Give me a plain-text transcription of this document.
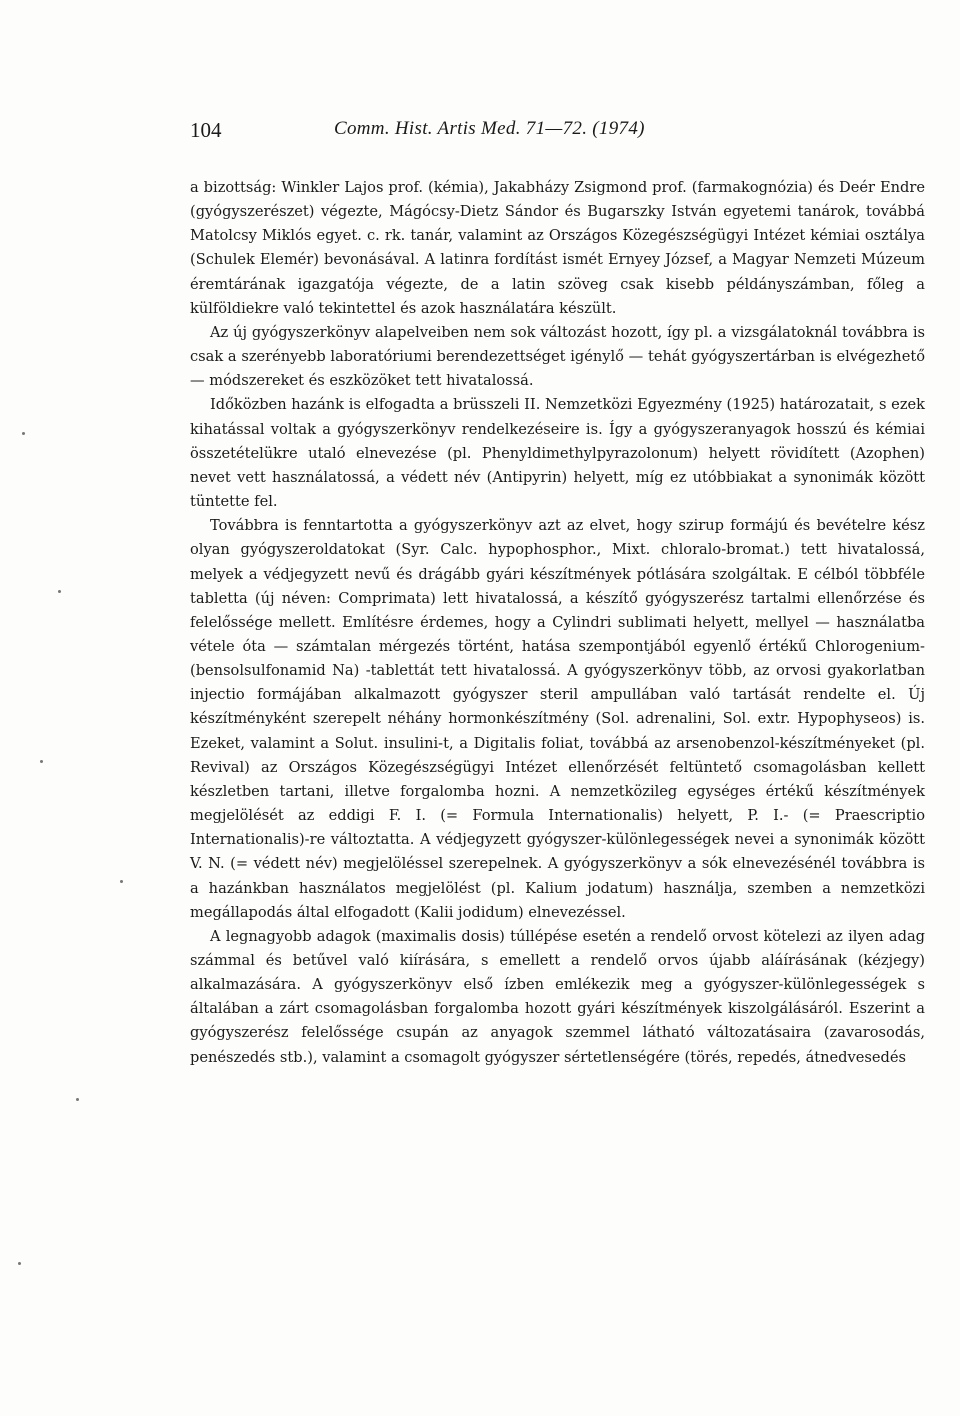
104	Comm. Hist. Artis Med. 71—72. (1974)

a bizottság: Winkler Lajos prof. (kémia), Jakabházy Zsigmond prof. (farmakognózia) és Deér Endre (gyógyszerészet) végezte, Mágócsy-Dietz Sándor és Bugarszky István egyetemi tanárok, továbbá Matolcsy Miklós egyet. c. rk. tanár, valamint az Országos Közegészségügyi Intézet kémiai osztálya (Schulek Elemér) bevonásával. A latinra fordítást ismét Ernyey József, a Magyar Nemzeti Múzeum éremtárának igazgatója végezte, de a latin szöveg csak kisebb példányszámban, főleg a külföldiekre való tekintettel és azok használatára készült.

Az új gyógyszerkönyv alapelveiben nem sok változást hozott, így pl. a vizsgálatoknál továbbra is csak a szerényebb laboratóriumi berendezettséget igénylő — tehát gyógyszertárban is elvégezhető — módszereket és eszközöket tett hivatalossá.

Időközben hazánk is elfogadta a brüsszeli II. Nemzetközi Egyezmény (1925) határozatait, s ezek kihatással voltak a gyógyszerkönyv rendelkezéseire is. Így a gyógyszeranyagok hosszú és kémiai összetételükre utaló elnevezése (pl. Phenyldimethylpyrazolonum) helyett rövidített (Azophen) nevet vett használatossá, a védett név (Antipyrin) helyett, míg ez utóbbiakat a synonimák között tüntette fel.

Továbbra is fenntartotta a gyógyszerkönyv azt az elvet, hogy szirup formájú és bevételre kész olyan gyógyszeroldatokat (Syr. Calc. hypophosphor., Mixt. chloralo-bromat.) tett hivatalossá, melyek a védjegyzett nevű és drágább gyári készítmények pótlására szolgáltak. E célból többféle tabletta (új néven: Comprimata) lett hivatalossá, a készítő gyógyszerész tartalmi ellenőrzése és felelőssége mellett. Említésre érdemes, hogy a Cylindri sublimati helyett, mellyel — használatba vétele óta — számtalan mérgezés történt, hatása szempontjából egyenlő értékű Chlorogenium- (bensolsulfonamid Na) -tablettát tett hivatalossá. A gyógyszerkönyv több, az orvosi gyakorlatban injectio formájában alkalmazott gyógyszer steril ampullában való tartását rendelte el. Új készítményként szerepelt néhány hormonkészítmény (Sol. adrenalini, Sol. extr. Hypophyseos) is. Ezeket, valamint a Solut. insulini-t, a Digitalis foliat, továbbá az arsenobenzol-készítményeket (pl. Revival) az Országos Közegészségügyi Intézet ellenőrzését feltüntető csomagolásban kellett készletben tartani, illetve forgalomba hozni. A nemzetközileg egységes értékű készítmények megjelölését az eddigi F. I. (= Formula Internationalis) helyett, P. I.- (= Praescriptio Internationalis)-re változtatta. A védjegyzett gyógyszer-különlegességek nevei a synonimák között V. N. (= védett név) megjelöléssel szerepelnek. A gyógyszerkönyv a sók elnevezésénél továbbra is a hazánkban használatos megjelölést (pl. Kalium jodatum) használja, szemben a nemzetközi megállapodás által elfogadott (Kalii jodidum) elnevezéssel.

A legnagyobb adagok (maximalis dosis) túllépése esetén a rendelő orvost kötelezi az ilyen adag számmal és betűvel való kiírására, s emellett a rendelő orvos újabb aláírásának (kézjegy) alkalmazására. A gyógyszerkönyv első ízben emlékezik meg a gyógyszer-különlegességek s általában a zárt csomagolásban forgalomba hozott gyári készítmények kiszolgálásáról. Eszerint a gyógyszerész felelőssége csupán az anyagok szemmel látható változatásaira (zavarosodás, penészedés stb.), valamint a csomagolt gyógyszer sértetlenségére (törés, repedés, átnedvesedés
